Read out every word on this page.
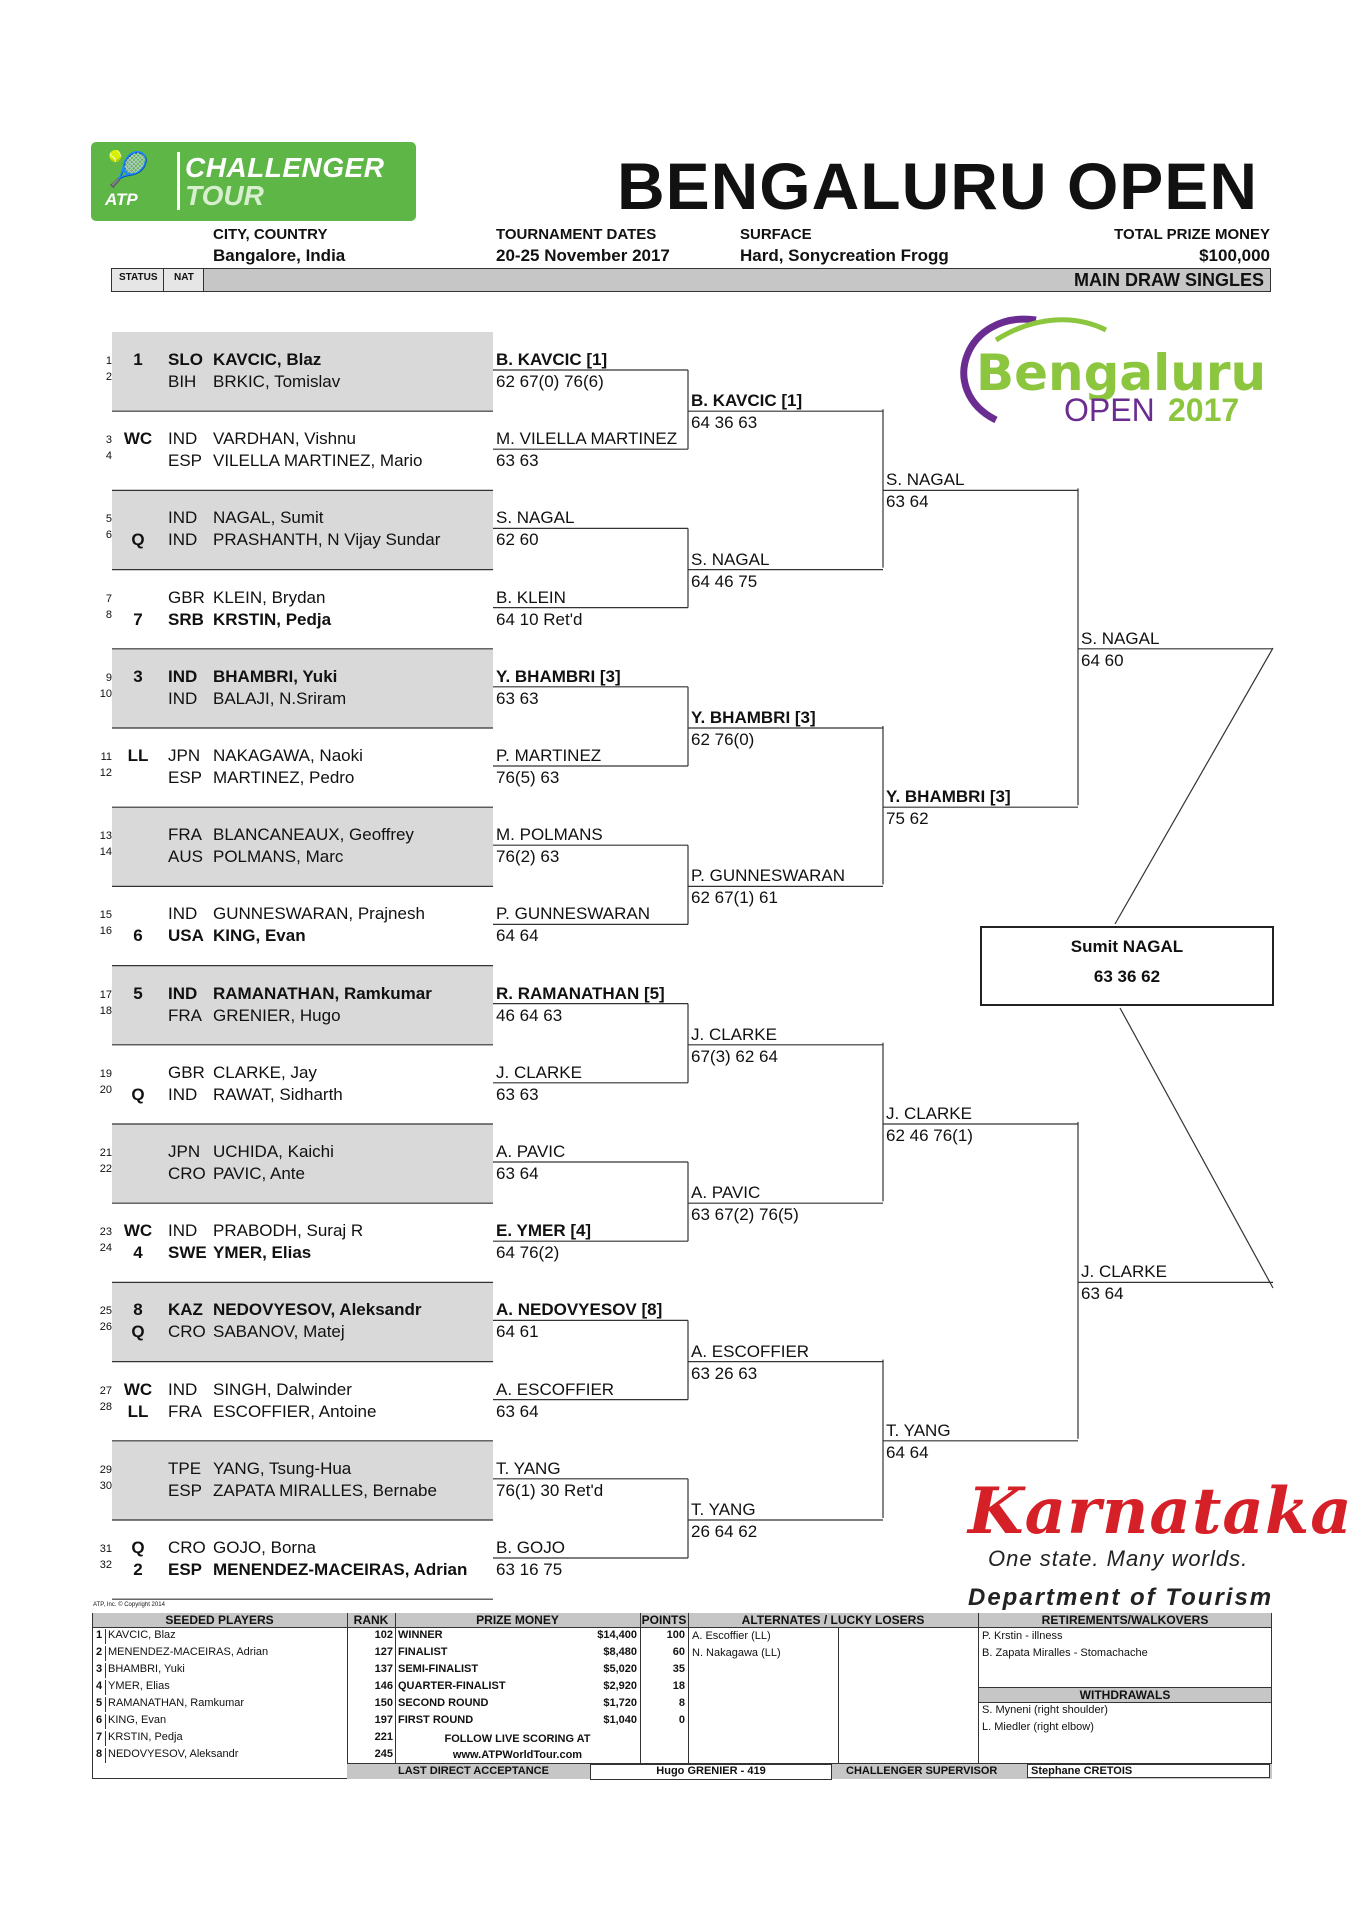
🎾
ATP
CHALLENGER
TOUR	BENGALURU OPEN
CITY, COUNTRY
Bangalore, India
TOURNAMENT DATES
20-25 November 2017
SURFACE
Hard, Sonycreation Frogg
TOTAL PRIZE MONEY
$100,000
STATUS NAT	MAIN DRAW SINGLES
1	1	SLO KAVCIC, Blaz
2	BIH BRKIC, Tomislav
3 WC IND VARDHAN, Vishnu
4	ESP VILELLA MARTINEZ, Mario
5	IND NAGAL, Sumit
6	Q	IND PRASHANTH, N Vijay Sundar
7	GBR KLEIN, Brydan
8	7	SRB KRSTIN, Pedja
9	3	IND BHAMBRI, Yuki
10	IND BALAJI, N.Sriram
11 LL	JPN NAKAGAWA, Naoki
12	ESP MARTINEZ, Pedro
13	FRA BLANCANEAUX, Geoffrey
14	AUS POLMANS, Marc
15	IND GUNNESWARAN, Prajnesh
16	6	USA KING, Evan
17	5	IND RAMANATHAN, Ramkumar
18	FRA GRENIER, Hugo
19	GBR CLARKE, Jay
20	Q	IND RAWAT, Sidharth
21	JPN UCHIDA, Kaichi
22	CRO PAVIC, Ante
23 WC IND PRABODH, Suraj R
24	4	SWE YMER, Elias
25	8	KAZ NEDOVYESOV, Aleksandr
26	Q	CRO SABANOV, Matej
27 WC IND SINGH, Dalwinder
28 LL	FRA ESCOFFIER, Antoine
29	TPE YANG, Tsung-Hua
30	ESP ZAPATA MIRALLES, Bernabe
31	Q	CRO GOJO, Borna
32	2	ESP MENENDEZ-MACEIRAS, Adrian
B. KAVCIC [1]
62 67(0) 76(6)
M. VILELLA MARTINEZ
63 63
S. NAGAL
62 60
B. KLEIN
64 10 Ret'd
Y. BHAMBRI [3]
63 63
P. MARTINEZ
76(5) 63
M. POLMANS
76(2) 63
P. GUNNESWARAN
64 64
R. RAMANATHAN [5]
46 64 63
J. CLARKE
63 63
A. PAVIC
63 64
E. YMER [4]
64 76(2)
A. NEDOVYESOV [8]
64 61
A. ESCOFFIER
63 64
T. YANG
76(1) 30 Ret'd
B. GOJO
63 16 75
B. KAVCIC [1]
64 36 63
S. NAGAL
64 46 75
Y. BHAMBRI [3]
62 76(0)
P. GUNNESWARAN
62 67(1) 61
J. CLARKE
67(3) 62 64
A. PAVIC
63 67(2) 76(5)
A. ESCOFFIER
63 26 63
T. YANG
26 64 62
S. NAGAL
63 64
Y. BHAMBRI [3]
75 62
J. CLARKE
62 46 76(1)
T. YANG
64 64
S. NAGAL
64 60
J. CLARKE
63 64
Sumit NAGAL
63 36 62
Bengaluru
OPEN 2017
Karnataka
One state. Many worlds.
Department of Tourism
ATP, Inc. © Copyright 2014
SEEDED PLAYERS	RANK	PRIZE MONEY	POINTS	ALTERNATES / LUCKY LOSERS	RETIREMENTS/WALKOVERS
1 KAVCIC, Blaz	102
2 MENENDEZ-MACEIRAS, Adrian	127
3 BHAMBRI, Yuki	137
4 YMER, Elias	146
5 RAMANATHAN, Ramkumar	150
6 KING, Evan	197
7 KRSTIN, Pedja	221
8 NEDOVYESOV, Aleksandr	245
WINNER	$14,400	100
FINALIST	$8,480	60
SEMI-FINALIST	$5,020	35
QUARTER-FINALIST	$2,920	18
SECOND ROUND	$1,720	8
FIRST ROUND	$1,040	0
FOLLOW LIVE SCORING AT
www.ATPWorldTour.com
A. Escoffier (LL)
N. Nakagawa (LL)
P. Krstin - illness
B. Zapata Miralles - Stomachache
WITHDRAWALS
S. Myneni (right shoulder)
L. Miedler (right elbow)
LAST DIRECT ACCEPTANCE	Hugo GRENIER - 419	CHALLENGER SUPERVISOR	Stephane CRETOIS
